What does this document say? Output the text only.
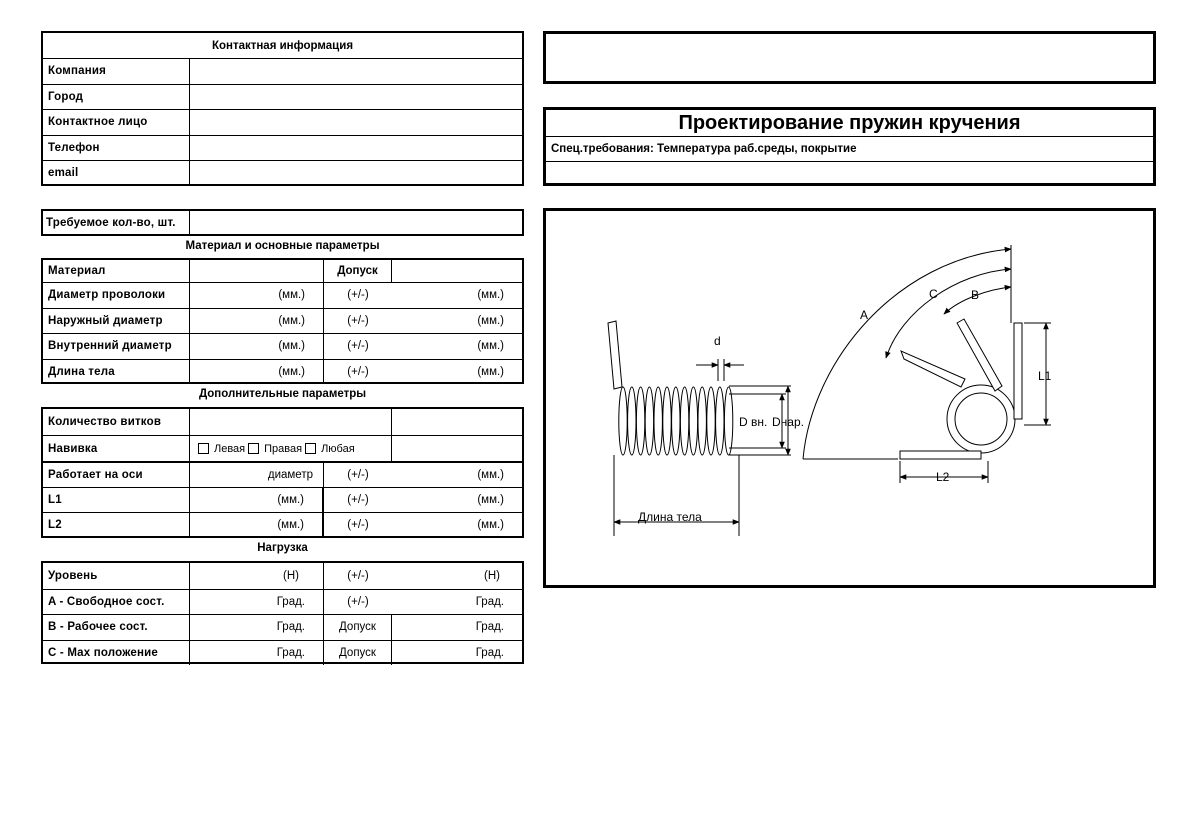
Контактная информация
Компания
Город
Контактное лицо
Телефон
email
Требуемое кол-во, шт.
Материал и основные параметры
Материал	Допуск
Диаметр проволоки	(мм.)	(+/-)	(мм.)
Наружный диаметр	(мм.)	(+/-)	(мм.)
Внутренний диаметр	(мм.)	(+/-)	(мм.)
Длина тела	(мм.)	(+/-)	(мм.)
Дополнительные параметры
Количество витков
Навивка	Левая Правая Любая
Работает на оси	диаметр	(+/-)	(мм.)
L1	(мм.)	(+/-)	(мм.)
L2	(мм.)	(+/-)	(мм.)
Нагрузка
Уровень	(Н)	(+/-)	(Н)
A - Свободное сост.	Град.	(+/-)	Град.
B - Рабочее сост.	Град.	Допуск	Град.
C - Max положение	Град.	Допуск	Град.
Проектирование пружин кручения
Спец.требования: Температура раб.среды, покрытие
d
D вн. Dнар.
Длина тела
A
B
C
L1
L2
